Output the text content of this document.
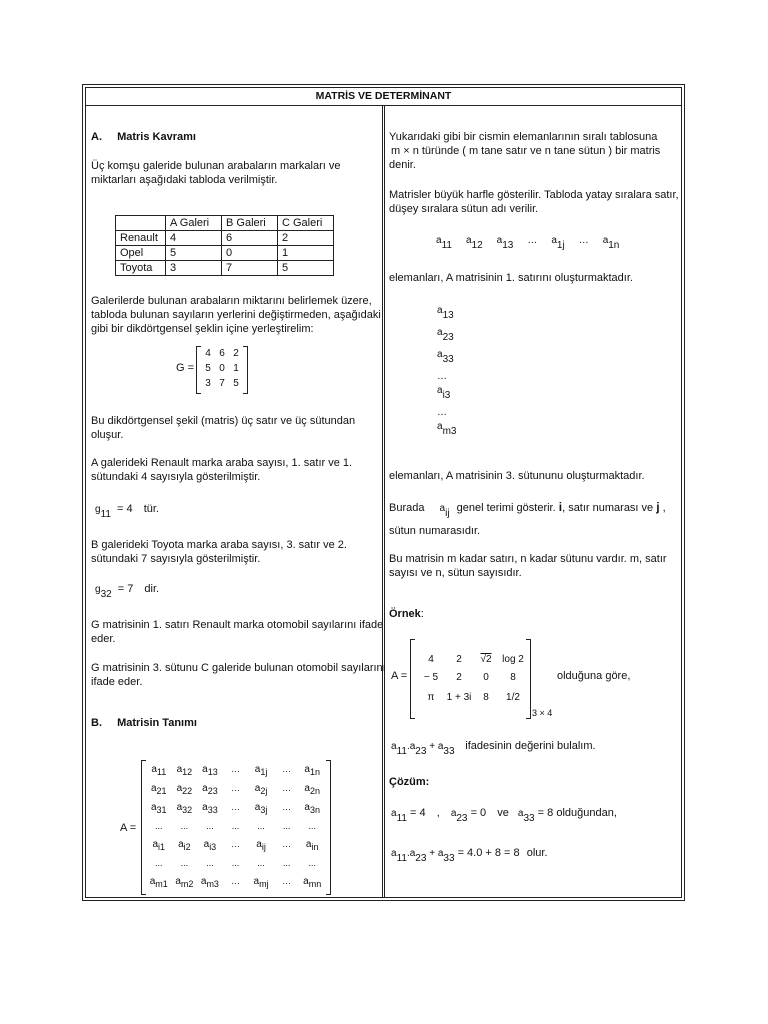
MATRİS VE DETERMİNANT
A. Matris Kavramı
Üç komşu galeride bulunan arabaların markaları ve
miktarları aşağıdaki tabloda verilmiştir.
	A Galeri	B Galeri	C Galeri
Renault	4	6	2
Opel	5	0	1
Toyota	3	7	5
Galerilerde bulunan arabaların miktarını belirlemek üzere,
tabloda bulunan sayıların yerlerini değiştirmeden, aşağıdaki
gibi bir dikdörtgensel şeklin içine yerleştirelim:
G =
4 6 2
5 0 1
3 7 5
Bu dikdörtgensel şekil (matris) üç satır ve üç sütundan
oluşur.
A galerideki Renault marka araba sayısı, 1. satır ve 1.
sütundaki 4 sayısıyla gösterilmiştir.
g11 = 4 tür.
B galerideki Toyota marka araba sayısı, 3. satır ve 2.
sütundaki 7 sayısıyla gösterilmiştir.
g32 = 7 dir.
G matrisinin 1. satırı Renault marka otomobil sayılarını ifade
eder.
G matrisinin 3. sütunu C galeride bulunan otomobil sayılarını
ifade eder.
B. Matrisin Tanımı
A =
a11	a12 a13	…	a1j	…	a1n
a21	a22 a23	…	a2j	…	a2n
a31	a32 a33	…	a3j	…	a3n
...	...	...	...	...	...	...
ai1	ai2	ai3	…	aij	…	ain
...	...	...	...	...	...	...
am1 am2 am3	…	amj	…	amn
Yukarıdaki gibi bir cismin elemanlarının sıralı tablosuna
m × n türünde ( m tane satır ve n tane sütun ) bir matris
denir.
Matrisler büyük harfle gösterilir. Tabloda yatay sıralara satır,
düşey sıralara sütun adı verilir.
a11 a12 a13 … a1j … a1n
elemanları, A matrisinin 1. satırını oluşturmaktadır.
a13
a23
a33
…
ai3
…
am3
elemanları, A matrisinin 3. sütununu oluşturmaktadır.
Burada aij genel terimi gösterir. i, satır numarası ve j ,
sütun numarasıdır.
Bu matrisin m kadar satırı, n kadar sütunu vardır. m, satır
sayısı ve n, sütun sayısıdır.
Örnek:
A =
4	2	√2	log 2
− 5	2	0	8
π	1 + 3i	8	1/2
3 × 4
olduğuna göre,
a11.a23 + a33 ifadesinin değerini bulalım.
Çözüm:
a11 = 4 , a23 = 0 ve a33 = 8 olduğundan,
a11.a23 + a33 = 4.0 + 8 = 8 olur.
